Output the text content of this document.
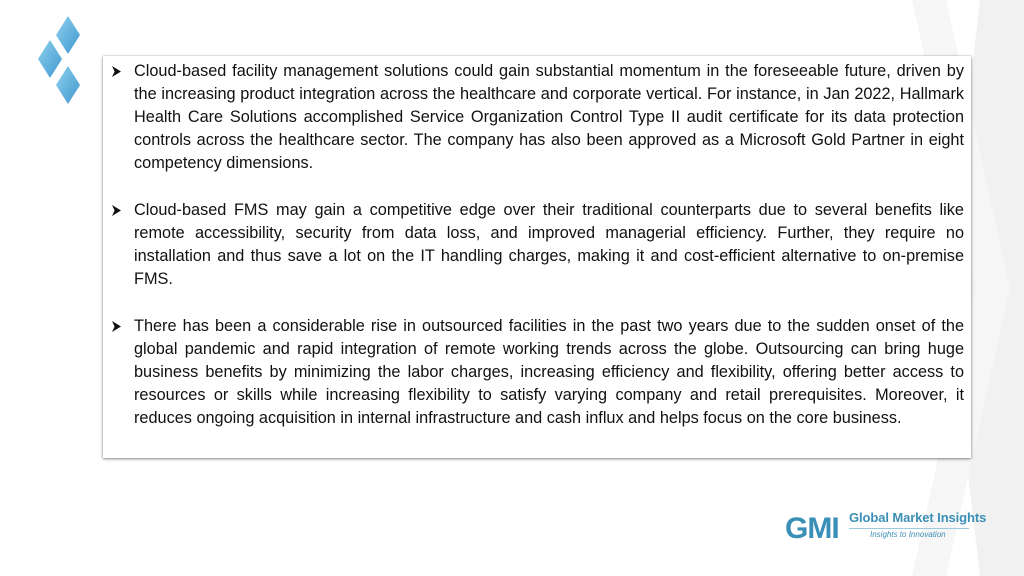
Cloud-based facility management solutions could gain substantial momentum in the foreseeable future, driven by the increasing product integration across the healthcare and corporate vertical. For instance, in Jan 2022, Hallmark Health Care Solutions accomplished Service Organization Control Type II audit certificate for its data protection controls across the healthcare sector. The company has also been approved as a Microsoft Gold Partner in eight competency dimensions.
Cloud-based FMS may gain a competitive edge over their traditional counterparts due to several benefits like remote accessibility, security from data loss, and improved managerial efficiency. Further, they require no installation and thus save a lot on the IT handling charges, making it and cost-efficient alternative to on-premise FMS.
There has been a considerable rise in outsourced facilities in the past two years due to the sudden onset of the global pandemic and rapid integration of remote working trends across the globe. Outsourcing can bring huge business benefits by minimizing the labor charges, increasing efficiency and flexibility, offering better access to resources or skills while increasing flexibility to satisfy varying company and retail prerequisites. Moreover, it reduces ongoing acquisition in internal infrastructure and cash influx and helps focus on the core business.
GMI Global Market Insights
Insights to Innovation
